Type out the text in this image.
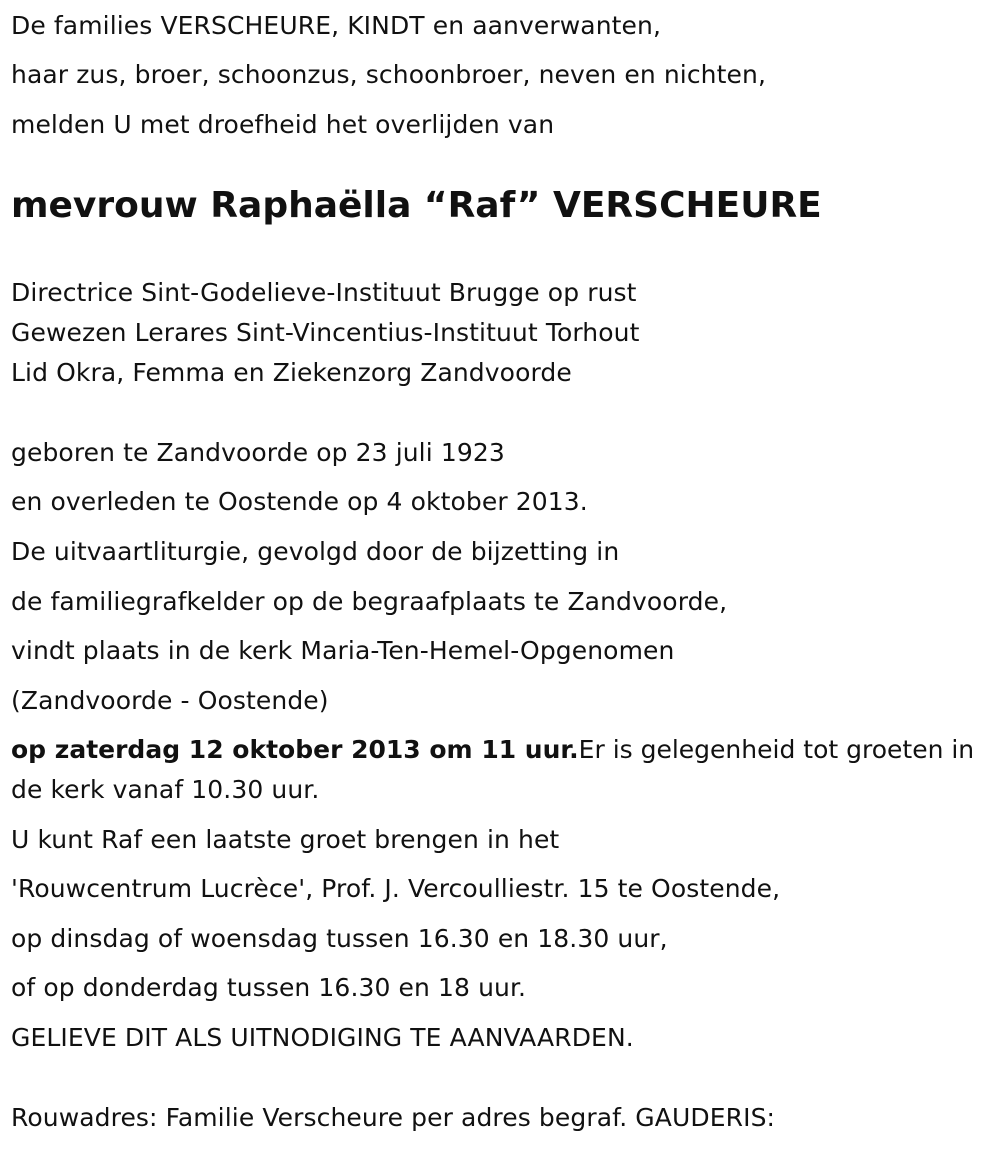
De families VERSCHEURE, KINDT en aanverwanten,
haar zus, broer, schoonzus, schoonbroer, neven en nichten,
melden U met droefheid het overlijden van
mevrouw Raphaëlla “Raf” VERSCHEURE
Directrice Sint-Godelieve-Instituut Brugge op rust
Gewezen Lerares Sint-Vincentius-Instituut Torhout
Lid Okra, Femma en Ziekenzorg Zandvoorde
geboren te Zandvoorde op 23 juli 1923
en overleden te Oostende op 4 oktober 2013.
De uitvaartliturgie, gevolgd door de bijzetting in
de familiegrafkelder op de begraafplaats te Zandvoorde,
vindt plaats in de kerk Maria-Ten-Hemel-Opgenomen
(Zandvoorde - Oostende)
op zaterdag 12 oktober 2013 om 11 uur.Er is gelegenheid tot groeten in
de kerk vanaf 10.30 uur.
U kunt Raf een laatste groet brengen in het
'Rouwcentrum Lucrèce', Prof. J. Vercoulliestr. 15 te Oostende,
op dinsdag of woensdag tussen 16.30 en 18.30 uur,
of op donderdag tussen 16.30 en 18 uur.
GELIEVE DIT ALS UITNODIGING TE AANVAARDEN.
Rouwadres: Familie Verscheure per adres begraf. GAUDERIS:
